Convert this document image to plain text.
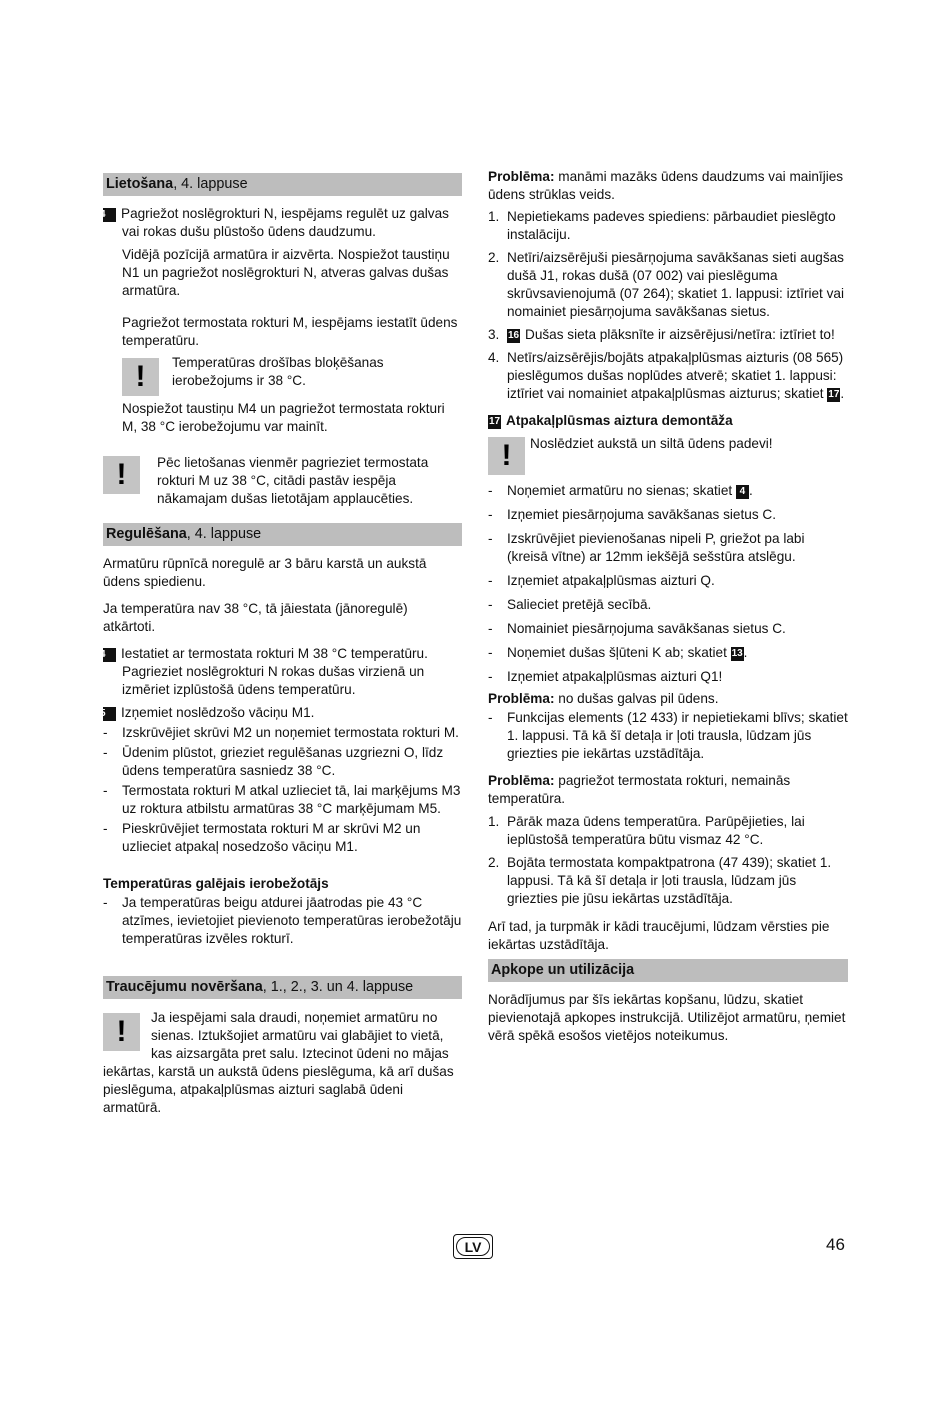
Lietošana, 4. lappuse

14 Pagriežot noslēgrokturi N, iespējams regulēt uz galvas vai rokas dušu plūstošo ūdens daudzumu.

Vidējā pozīcijā armatūra ir aizvērta. Nospiežot taustiņu N1 un pagriežot noslēgrokturi N, atveras galvas dušas armatūra.

Pagriežot termostata rokturi M, iespējams iestatīt ūdens temperatūru.

!	Temperatūras drošības bloķēšanas ierobežojums ir 38 °C.

Nospiežot taustiņu M4 un pagriežot termostata rokturi M, 38 °C ierobežojumu var mainīt.

!	Pēc lietošanas vienmēr pagrieziet termostata rokturi M uz 38 °C, citādi pastāv iespēja nākamajam dušas lietotājam applaucēties.

Regulēšana, 4. lappuse

Armatūru rūpnīcā noregulē ar 3 bāru karstā un aukstā ūdens spiedienu.

Ja temperatūra nav 38 °C, tā jāiestata (jānoregulē) atkārtoti.

14 Iestatiet ar termostata rokturi M 38 °C temperatūru. Pagrieziet noslēgrokturi N rokas dušas virzienā un izmēriet izplūstošā ūdens temperatūru.

15 Izņemiet noslēdzošo vāciņu M1.

- Izskrūvējiet skrūvi M2 un noņemiet termostata rokturi M.

- Ūdenim plūstot, grieziet regulēšanas uzgriezni O, līdz ūdens temperatūra sasniedz 38 °C.

- Termostata rokturi M atkal uzlieciet tā, lai marķējums M3 uz roktura atbilstu armatūras 38 °C marķējumam M5.

- Pieskrūvējiet termostata rokturi M ar skrūvi M2 un uzlieciet atpakaļ nosedzošo vāciņu M1.

Temperatūras galējais ierobežotājs

- Ja temperatūras beigu atdurei jāatrodas pie 43 °C atzīmes, ievietojiet pievienoto temperatūras ierobežotāju temperatūras izvēles rokturī.

Traucējumu novēršana, 1., 2., 3. un 4. lappuse
!	Ja iespējami sala draudi, noņemiet armatūru no sienas. Iztukšojiet armatūru vai glabājiet to vietā, kas aizsargāta pret salu. Iztecinot ūdeni no mājas iekārtas, karstā un aukstā ūdens pieslēguma, kā arī dušas pieslēguma, atpakaļplūsmas aizturi saglabā ūdeni armatūrā.

Problēma: manāmi mazāks ūdens daudzums vai mainījies ūdens strūklas veids.

1. Nepietiekams padeves spiediens: pārbaudiet pieslēgto instalāciju.

2. Netīri/aizsērējuši piesārņojuma savākšanas sieti augšas dušā J1, rokas dušā (07 002) vai pieslēguma skrūvsavienojumā (07 264); skatiet 1. lappusi: iztīriet vai nomainiet piesārņojuma savākšanas sietus.

3. 16 Dušas sieta plāksnīte ir aizsērējusi/netīra: iztīriet to!

4. Netīrs/aizsērējis/bojāts atpakaļplūsmas aizturis (08 565) pieslēgumos dušas noplūdes atverē; skatiet 1. lappusi: iztīriet vai nomainiet atpakaļplūsmas aizturus; skatiet 17.

17 Atpakaļplūsmas aiztura demontāža

!	Noslēdziet aukstā un siltā ūdens padevi!

- Noņemiet armatūru no sienas; skatiet 4 .

- Izņemiet piesārņojuma savākšanas sietus C.

- Izskrūvējiet pievienošanas nipeli P, griežot pa labi (kreisā vītne) ar 12mm iekšējā sešstūra atslēgu.

- Izņemiet atpakaļplūsmas aizturi Q.

- Salieciet pretējā secībā.

- Nomainiet piesārņojuma savākšanas sietus C.

- Noņemiet dušas šļūteni K ab; skatiet 13.

- Izņemiet atpakaļplūsmas aizturi Q1!

Problēma: no dušas galvas pil ūdens.

- Funkcijas elements (12 433) ir nepietiekami blīvs; skatiet 1. lappusi. Tā kā šī detaļa ir ļoti trausla, lūdzam jūs griezties pie iekārtas uzstādītāja.

Problēma: pagriežot termostata rokturi, nemainās temperatūra.

1. Pārāk maza ūdens temperatūra. Parūpējieties, lai ieplūstošā temperatūra būtu vismaz 42 °C.

2. Bojāta termostata kompaktpatrona (47 439); skatiet 1. lappusi. Tā kā šī detaļa ir ļoti trausla, lūdzam jūs griezties pie jūsu iekārtas uzstādītāja.

Arī tad, ja turpmāk ir kādi traucējumi, lūdzam vērsties pie iekārtas uzstādītāja.

Apkope un utilizācija

Norādījumus par šīs iekārtas kopšanu, lūdzu, skatiet pievienotajā apkopes instrukcijā. Utilizējot armatūru, ņemiet vērā spēkā esošos vietējos noteikumus.

LV	46
